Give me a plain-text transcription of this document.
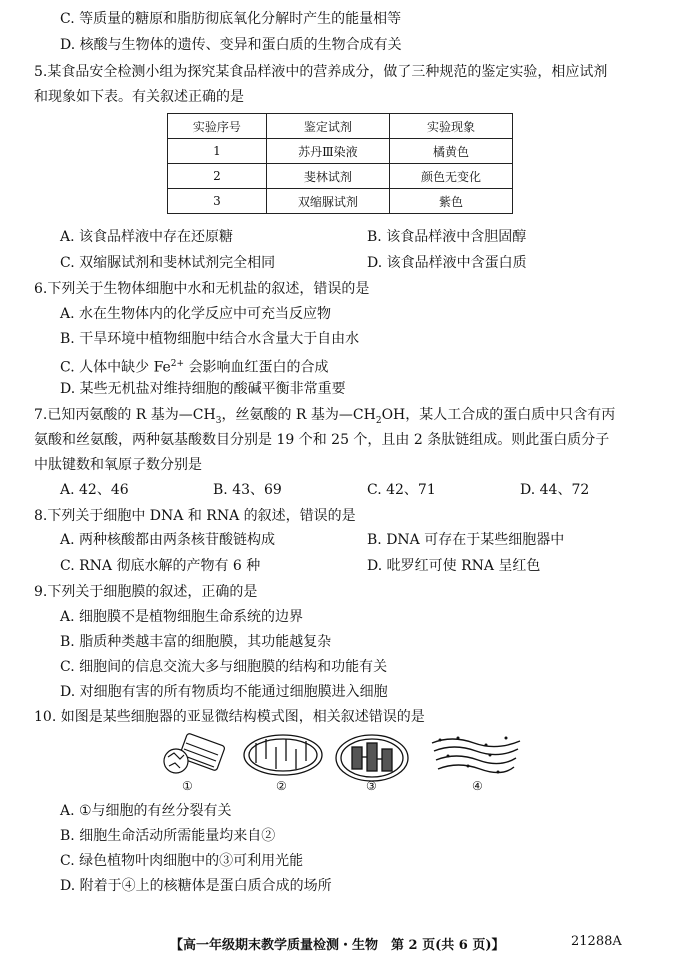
C. 等质量的糖原和脂肪彻底氧化分解时产生的能量相等
D. 核酸与生物体的遗传、变异和蛋白质的生物合成有关
5.某食品安全检测小组为探究某食品样液中的营养成分，做了三种规范的鉴定实验，相应试剂
和现象如下表。有关叙述正确的是
实验序号	鉴定试剂	实验现象
1	苏丹Ⅲ染液	橘黄色
2	斐林试剂	颜色无变化
3	双缩脲试剂	紫色
A. 该食品样液中存在还原糖	B. 该食品样液中含胆固醇
C. 双缩脲试剂和斐林试剂完全相同	D. 该食品样液中含蛋白质
6.下列关于生物体细胞中水和无机盐的叙述，错误的是
A. 水在生物体内的化学反应中可充当反应物
B. 干旱环境中植物细胞中结合水含量大于自由水
C. 人体中缺少 $Fe^{2+}$ 会影响血红蛋白的合成
D. 某些无机盐对维持细胞的酸碱平衡非常重要
7.已知丙氨酸的 R 基为$—CH_3$，丝氨酸的 R 基为$—CH_2OH$，某人工合成的蛋白质中只含有丙
氨酸和丝氨酸，两种氨基酸数目分别是 19 个和 25 个，且由 2 条肽链组成。则此蛋白质分子
中肽键数和氧原子数分别是
A. 42、46	B. 43、69	C. 42、71	D. 44、72
8.下列关于细胞中 DNA 和 RNA 的叙述，错误的是
A. 两种核酸都由两条核苷酸链构成	B. DNA 可存在于某些细胞器中
C. RNA 彻底水解的产物有 6 种	D. 吡罗红可使 RNA 呈红色
9.下列关于细胞膜的叙述，正确的是
A. 细胞膜不是植物细胞生命系统的边界
B. 脂质种类越丰富的细胞膜，其功能越复杂
C. 细胞间的信息交流大多与细胞膜的结构和功能有关
D. 对细胞有害的所有物质均不能通过细胞膜进入细胞
10. 如图是某些细胞器的亚显微结构模式图，相关叙述错误的是
①	②	③	④
A. ①与细胞的有丝分裂有关
B. 细胞生命活动所需能量均来自②
C. 绿色植物叶肉细胞中的③可利用光能
D. 附着于④上的核糖体是蛋白质合成的场所
【高一年级期末教学质量检测・生物　第 2 页(共 6 页)】	21288A
